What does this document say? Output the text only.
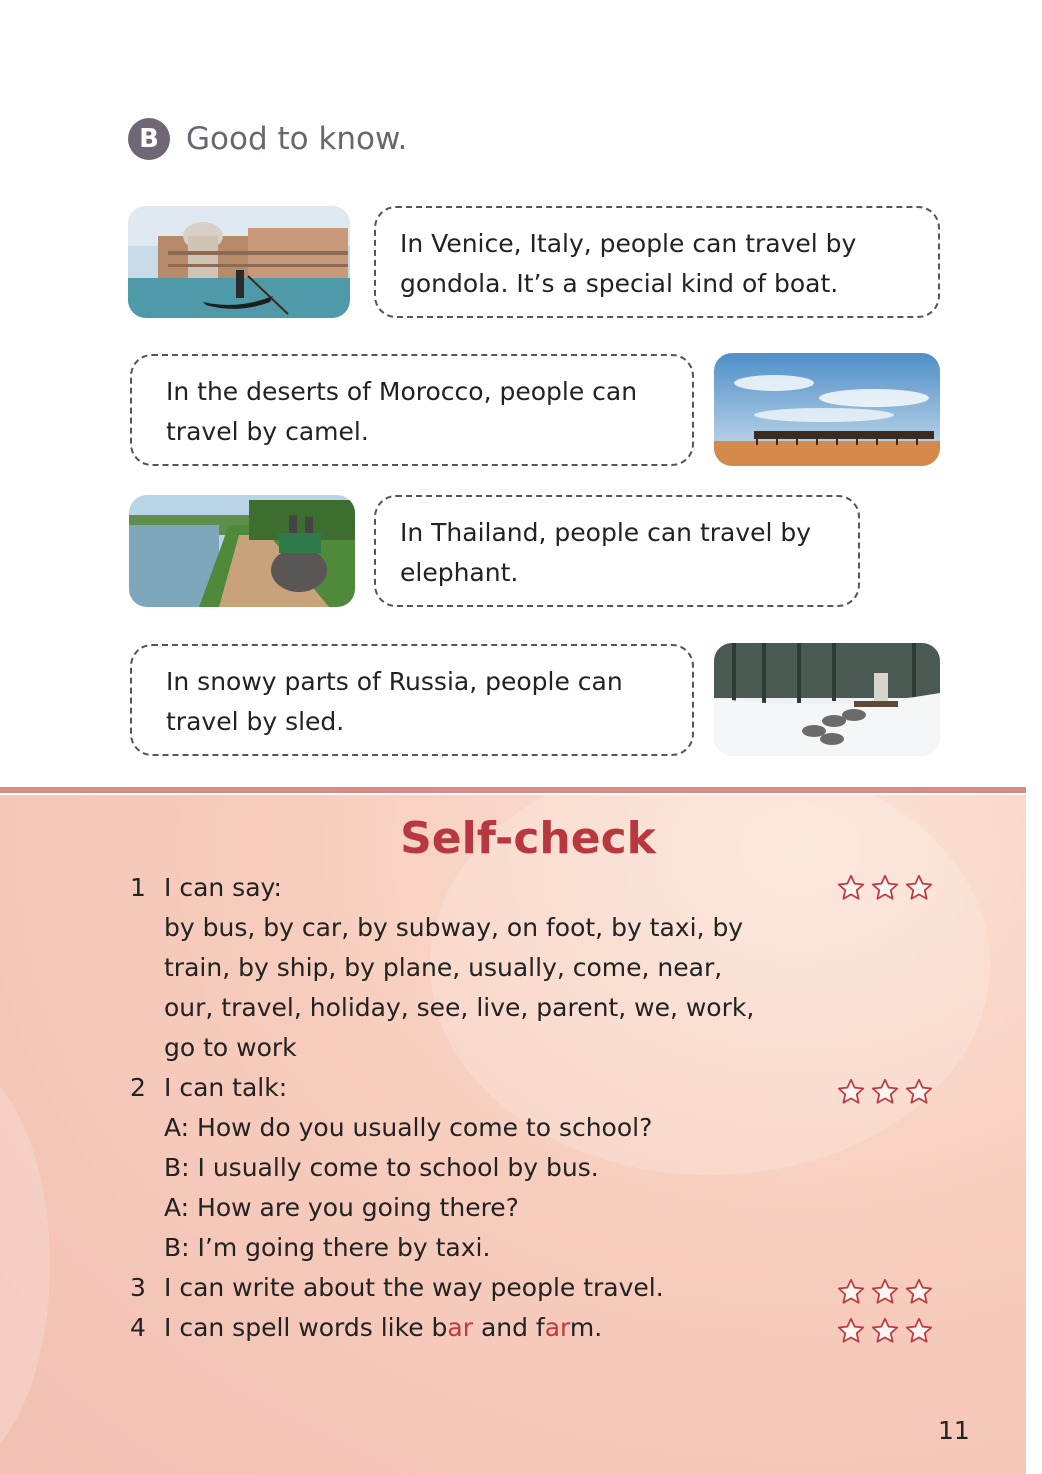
B Good to know.
In Venice, Italy, people can travel by
gondola. It’s a special kind of boat.
In the deserts of Morocco, people can
travel by camel.
In Thailand, people can travel by
elephant.
In snowy parts of Russia, people can
travel by sled.
Self-check
1 I can say:
by bus, by car, by subway, on foot, by taxi, by
train, by ship, by plane, usually, come, near,
our, travel, holiday, see, live, parent, we, work,
go to work
2 I can talk:
A: How do you usually come to school?
B: I usually come to school by bus.
A: How are you going there?
B: I’m going there by taxi.
3 I can write about the way people travel.
4 I can spell words like bar and farm.
11
